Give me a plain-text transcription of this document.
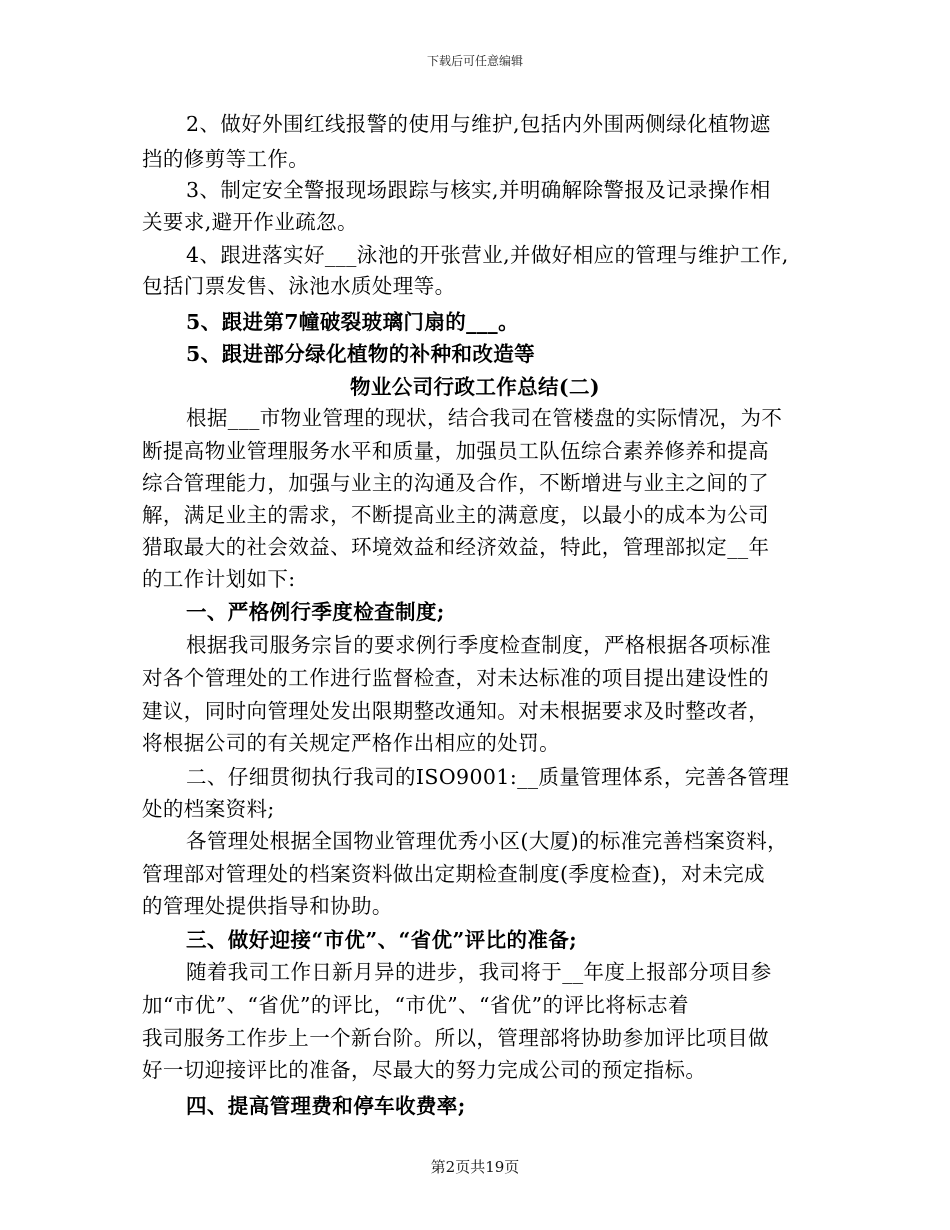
下载后可任意编辑
2、做好外围红线报警的使用与维护,包括内外围两侧绿化植物遮
挡的修剪等工作。
3、制定安全警报现场跟踪与核实,并明确解除警报及记录操作相
关要求,避开作业疏忽。
4、跟进落实好___泳池的开张营业,并做好相应的管理与维护工作,
包括门票发售、泳池水质处理等。
5、跟进第7幢破裂玻璃门扇的___。
5、跟进部分绿化植物的补种和改造等
物业公司行政工作总结(二)
根据___市物业管理的现状，结合我司在管楼盘的实际情况，为不
断提高物业管理服务水平和质量，加强员工队伍综合素养修养和提高
综合管理能力，加强与业主的沟通及合作，不断增进与业主之间的了
解，满足业主的需求，不断提高业主的满意度，以最小的成本为公司
猎取最大的社会效益、环境效益和经济效益，特此，管理部拟定__年
的工作计划如下:
一、严格例行季度检查制度;
根据我司服务宗旨的要求例行季度检查制度，严格根据各项标准
对各个管理处的工作进行监督检查，对未达标准的项目提出建设性的
建议，同时向管理处发出限期整改通知。对未根据要求及时整改者，
将根据公司的有关规定严格作出相应的处罚。
二、仔细贯彻执行我司的ISO9001:__质量管理体系，完善各管理
处的档案资料;
各管理处根据全国物业管理优秀小区(大厦)的标准完善档案资料，
管理部对管理处的档案资料做出定期检查制度(季度检查)，对未完成
的管理处提供指导和协助。
三、做好迎接“市优”、“省优”评比的准备;
随着我司工作日新月异的进步，我司将于__年度上报部分项目参
加“市优”、“省优”的评比，“市优”、“省优”的评比将标志着
我司服务工作步上一个新台阶。所以，管理部将协助参加评比项目做
好一切迎接评比的准备，尽最大的努力完成公司的预定指标。
四、提高管理费和停车收费率;
第2页共19页
